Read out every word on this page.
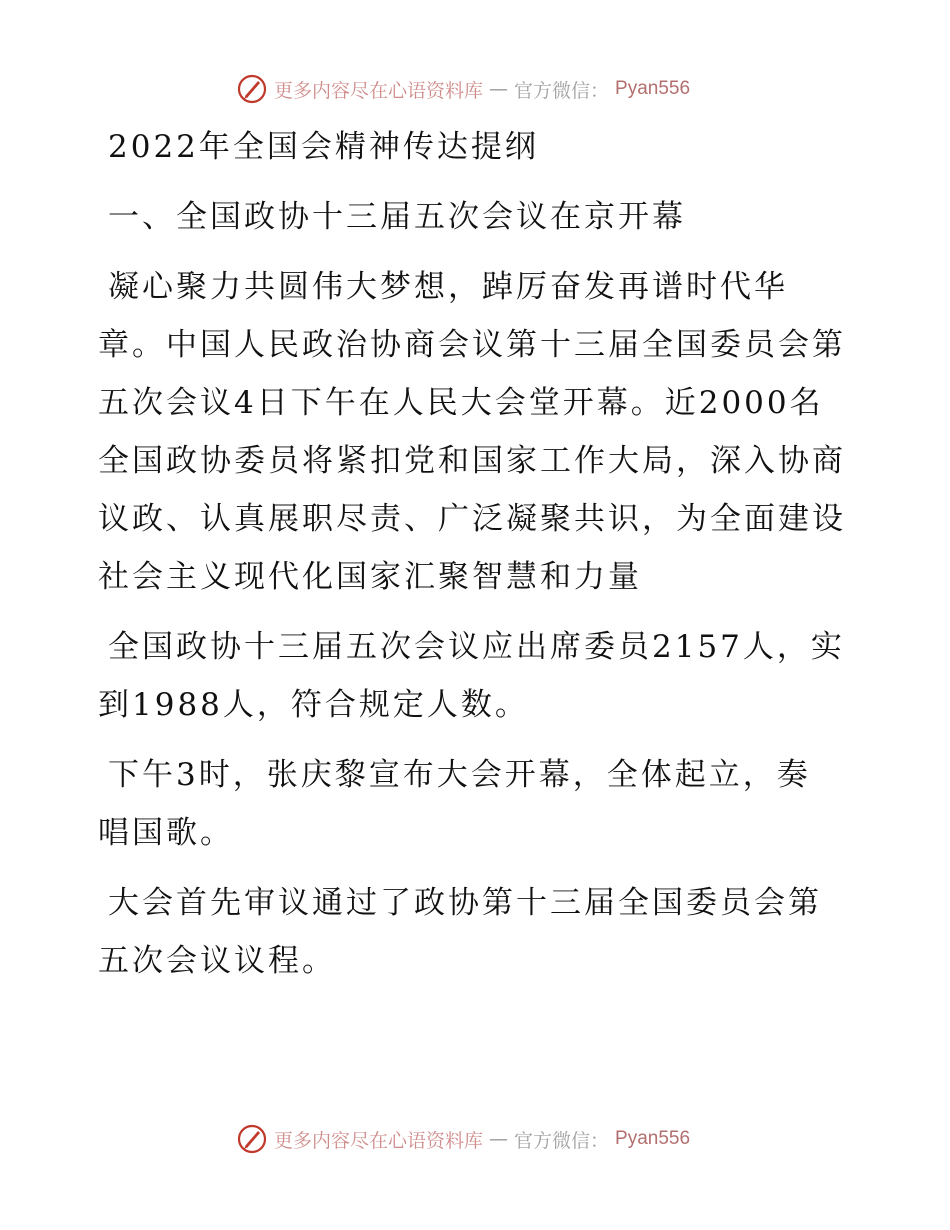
更多内容尽在心语资料库 — 官方微信： Pyan556
2022年全国会精神传达提纲
一、全国政协十三届五次会议在京开幕
凝心聚力共圆伟大梦想，踔厉奋发再谱时代华
章。中国人民政治协商会议第十三届全国委员会第
五次会议4日下午在人民大会堂开幕。近2000名
全国政协委员将紧扣党和国家工作大局，深入协商
议政、认真展职尽责、广泛凝聚共识，为全面建设
社会主义现代化国家汇聚智慧和力量
全国政协十三届五次会议应出席委员2157人，实
到1988人，符合规定人数。
下午3时，张庆黎宣布大会开幕，全体起立，奏
唱国歌。
大会首先审议通过了政协第十三届全国委员会第
五次会议议程。
更多内容尽在心语资料库 — 官方微信： Pyan556
